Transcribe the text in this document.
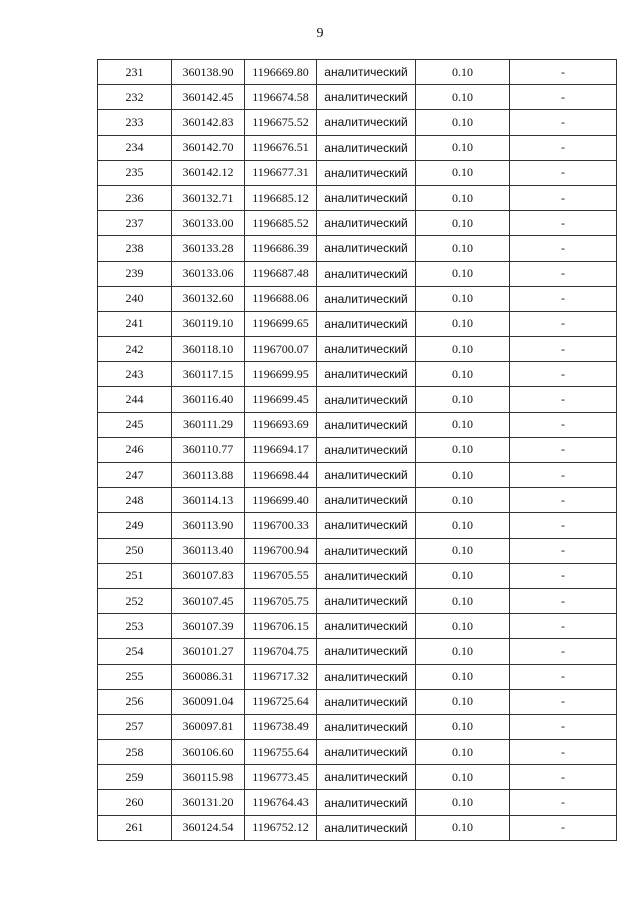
9
231	360138.90	1196669.80	аналитический	0.10	-
232	360142.45	1196674.58	аналитический	0.10	-
233	360142.83	1196675.52	аналитический	0.10	-
234	360142.70	1196676.51	аналитический	0.10	-
235	360142.12	1196677.31	аналитический	0.10	-
236	360132.71	1196685.12	аналитический	0.10	-
237	360133.00	1196685.52	аналитический	0.10	-
238	360133.28	1196686.39	аналитический	0.10	-
239	360133.06	1196687.48	аналитический	0.10	-
240	360132.60	1196688.06	аналитический	0.10	-
241	360119.10	1196699.65	аналитический	0.10	-
242	360118.10	1196700.07	аналитический	0.10	-
243	360117.15	1196699.95	аналитический	0.10	-
244	360116.40	1196699.45	аналитический	0.10	-
245	360111.29	1196693.69	аналитический	0.10	-
246	360110.77	1196694.17	аналитический	0.10	-
247	360113.88	1196698.44	аналитический	0.10	-
248	360114.13	1196699.40	аналитический	0.10	-
249	360113.90	1196700.33	аналитический	0.10	-
250	360113.40	1196700.94	аналитический	0.10	-
251	360107.83	1196705.55	аналитический	0.10	-
252	360107.45	1196705.75	аналитический	0.10	-
253	360107.39	1196706.15	аналитический	0.10	-
254	360101.27	1196704.75	аналитический	0.10	-
255	360086.31	1196717.32	аналитический	0.10	-
256	360091.04	1196725.64	аналитический	0.10	-
257	360097.81	1196738.49	аналитический	0.10	-
258	360106.60	1196755.64	аналитический	0.10	-
259	360115.98	1196773.45	аналитический	0.10	-
260	360131.20	1196764.43	аналитический	0.10	-
261	360124.54	1196752.12	аналитический	0.10	-
